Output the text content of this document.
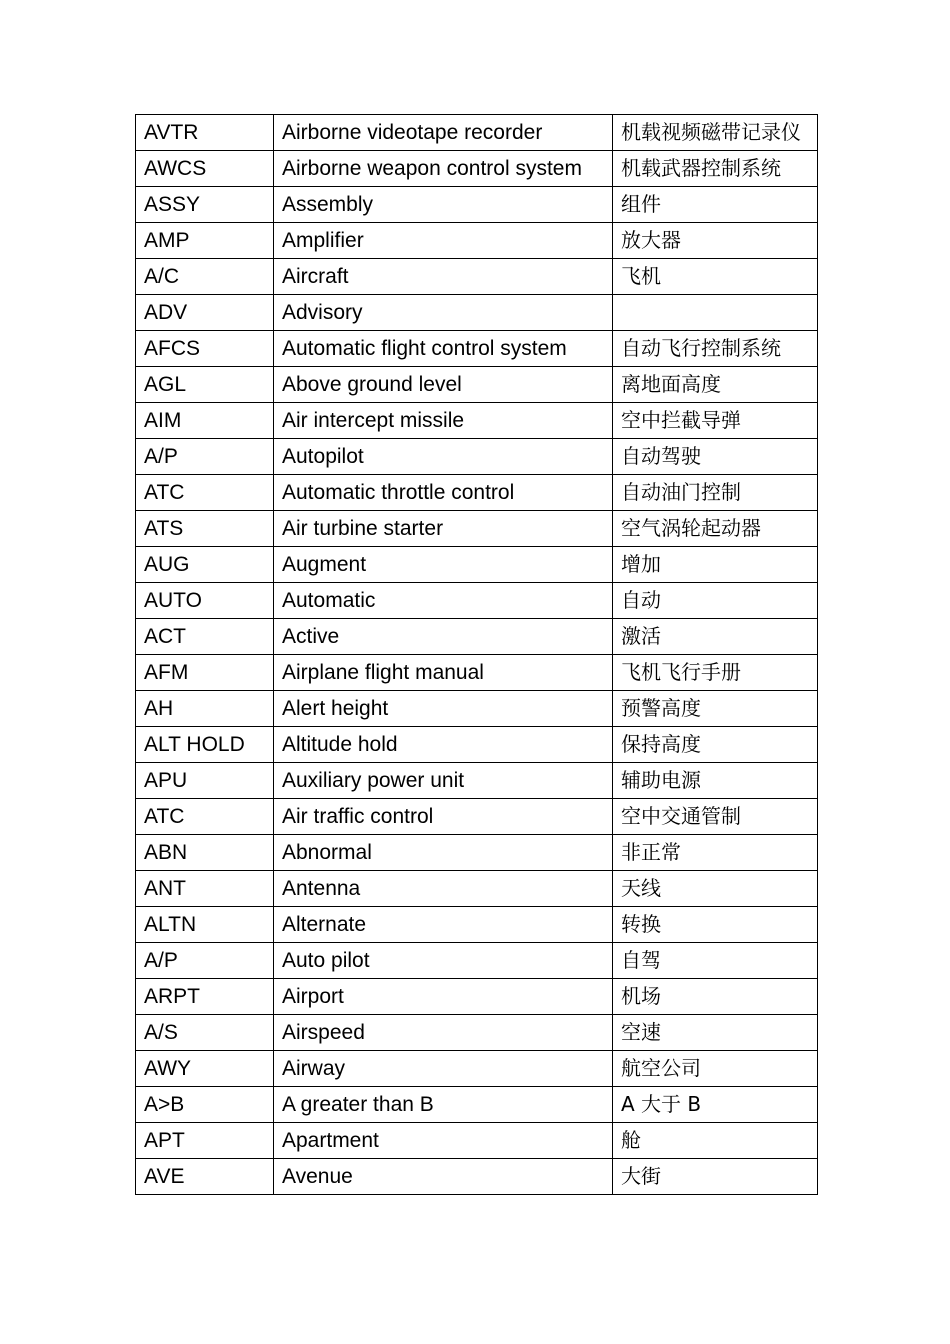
AVTR	Airborne videotape recorder	机载视频磁带记录仪
AWCS	Airborne weapon control system	机载武器控制系统
ASSY	Assembly	组件
AMP	Amplifier	放大器
A/C	Aircraft	飞机
ADV	Advisory	
AFCS	Automatic flight control system	自动飞行控制系统
AGL	Above ground level	离地面高度
AIM	Air intercept missile	空中拦截导弹
A/P	Autopilot	自动驾驶
ATC	Automatic throttle control	自动油门控制
ATS	Air turbine starter	空气涡轮起动器
AUG	Augment	增加
AUTO	Automatic	自动
ACT	Active	激活
AFM	Airplane flight manual	飞机飞行手册
AH	Alert height	预警高度
ALT HOLD	Altitude hold	保持高度
APU	Auxiliary power unit	辅助电源
ATC	Air traffic control	空中交通管制
ABN	Abnormal	非正常
ANT	Antenna	天线
ALTN	Alternate	转换
A/P	Auto pilot	自驾
ARPT	Airport	机场
A/S	Airspeed	空速
AWY	Airway	航空公司
A>B	A greater than B	A 大于 B
APT	Apartment	舱
AVE	Avenue	大街
